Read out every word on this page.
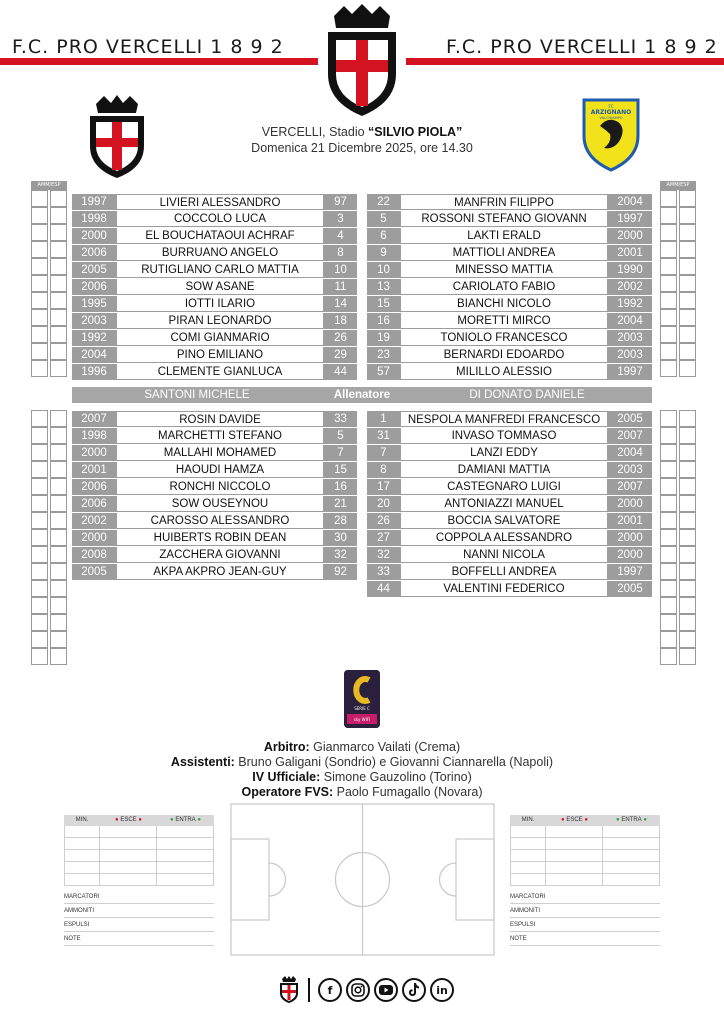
F.C. PRO VERCELLI 1 8 9 2	F.C. PRO VERCELLI 1 8 9 2
FC
ARZIGNANO
VALCHIAMPO
VERCELLI, Stadio “SILVIO PIOLA”
Domenica 21 Dicembre 2025, ore 14.30
AMM/ESP	AMM/ESP
1997	LIVIERI ALESSANDRO	97
1998	COCCOLO LUCA	3
2000	EL BOUCHATAOUI ACHRAF	4
2006	BURRUANO ANGELO	8
2005	RUTIGLIANO CARLO MATTIA	10
2006	SOW ASANE	11
1995	IOTTI ILARIO	14
2003	PIRAN LEONARDO	18
1992	COMI GIANMARIO	26
2004	PINO EMILIANO	29
1996	CLEMENTE GIANLUCA	44
22	MANFRIN FILIPPO	2004
5	ROSSONI STEFANO GIOVANN	1997
6	LAKTI ERALD	2000
9	MATTIOLI ANDREA	2001
10	MINESSO MATTIA	1990
13	CARIOLATO FABIO	2002
15	BIANCHI NICOLO	1992
16	MORETTI MIRCO	2004
19	TONIOLO FRANCESCO	2003
23	BERNARDI EDOARDO	2003
57	MILILLO ALESSIO	1997
2007	ROSIN DAVIDE	33
1998	MARCHETTI STEFANO	5
2000	MALLAHI MOHAMED	7
2001	HAOUDI HAMZA	15
2006	RONCHI NICCOLO	16
2006	SOW OUSEYNOU	21
2002	CAROSSO ALESSANDRO	28
2000	HUIBERTS ROBIN DEAN	30
2008	ZACCHERA GIOVANNI	32
2005	AKPA AKPRO JEAN-GUY	92
1	NESPOLA MANFREDI FRANCESCO	2005
31	INVASO TOMMASO	2007
7	LANZI EDDY	2004
8	DAMIANI MATTIA	2003
17	CASTEGNARO LUIGI	2007
20	ANTONIAZZI MANUEL	2000
26	BOCCIA SALVATORE	2001
27	COPPOLA ALESSANDRO	2000
32	NANNI NICOLA	2000
33	BOFFELLI ANDREA	1997
44	VALENTINI FEDERICO	2005
SANTONI MICHELE	Allenatore	DI DONATO DANIELE
SERIE C
sky WIFI
Arbitro: Gianmarco Vailati (Crema)
Assistenti: Bruno Galigani (Sondrio) e Giovanni Ciannarella (Napoli)
IV Ufficiale: Simone Gauzolino (Torino)
Operatore FVS: Paolo Fumagallo (Novara)
MIN.	● ESCE ●	● ENTRA ●
MARCATORI
AMMONITI
ESPULSI
NOTE
MIN.	● ESCE ●	● ENTRA ●
MARCATORI
AMMONITI
ESPULSI
NOTE
f	in
